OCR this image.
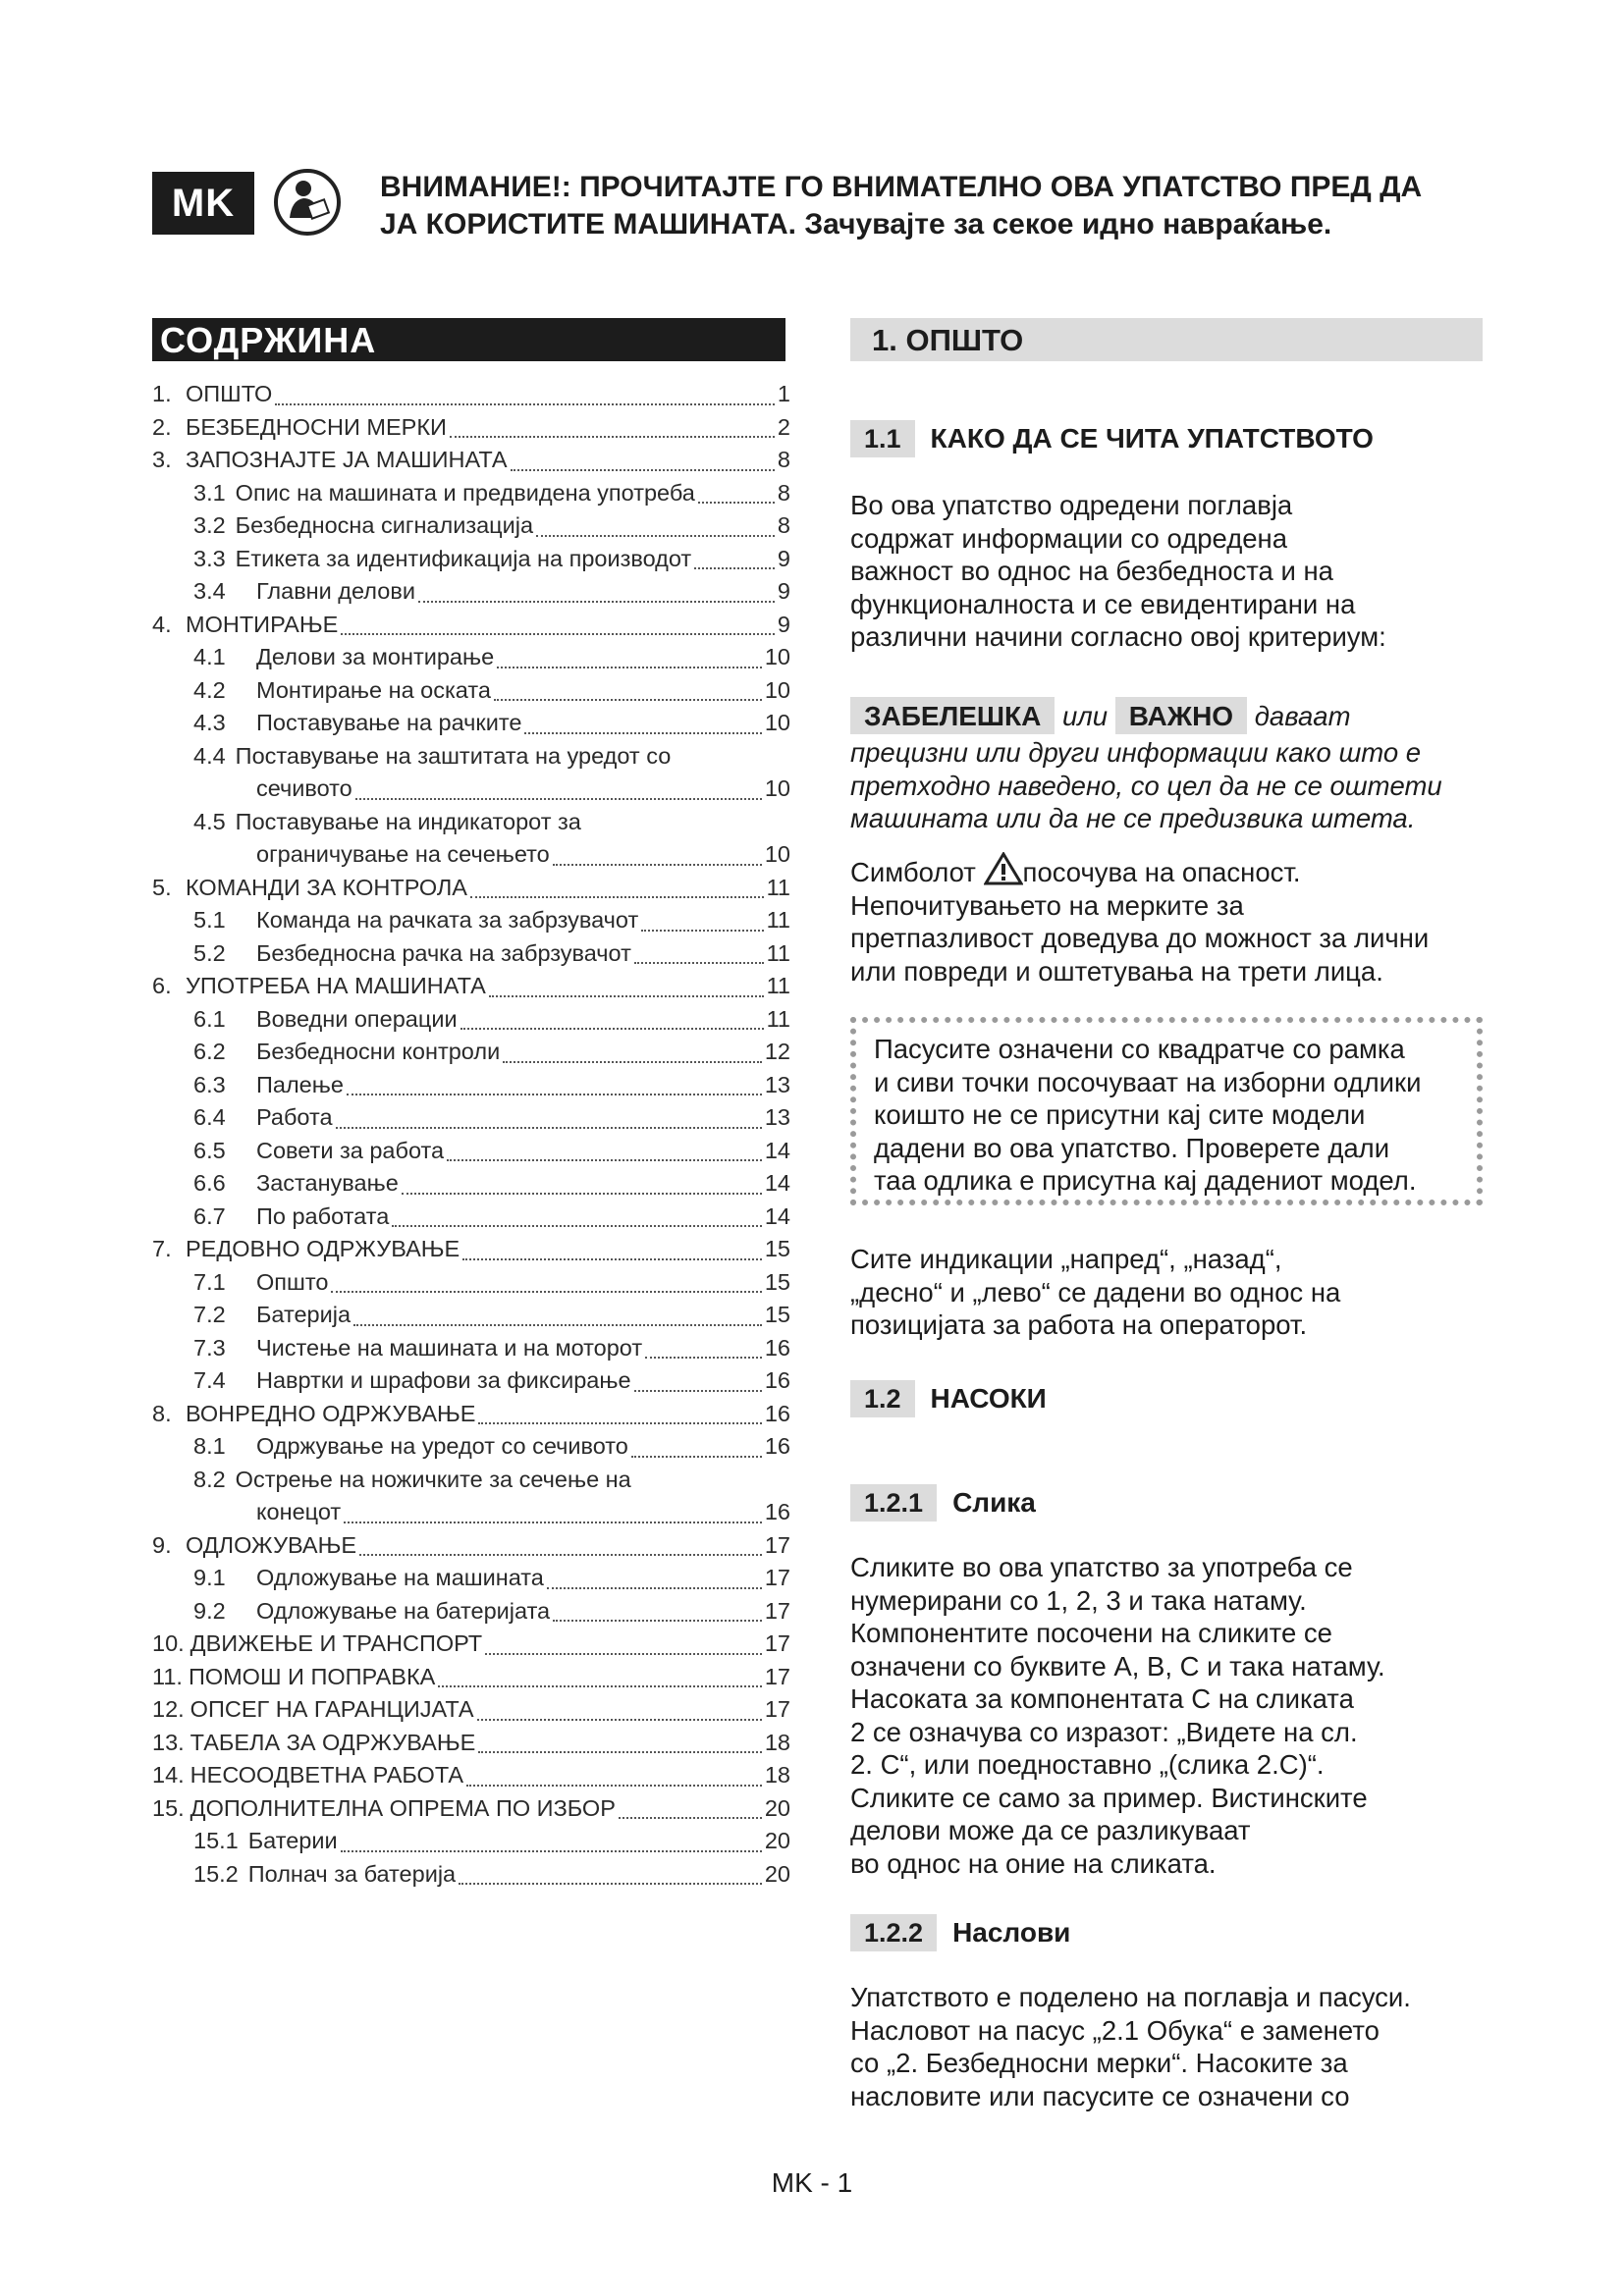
MK	ВНИМАНИЕ!: ПРОЧИТАЈТЕ ГО ВНИМАТЕЛНО ОВА УПАТСТВО ПРЕД ДА
ЈА КОРИСТИТЕ МАШИНАТА. Зачувајте за секое идно навраќање.
СОДРЖИНА
1. ОПШТО	1
2. БЕЗБЕДНОСНИ МЕРКИ	2
3. ЗАПОЗНАЈТЕ ЈА МАШИНАТА	8
3.1 Опис на машината и предвидена употреба	8
3.2 Безбедносна сигнализација	8
3.3 Етикета за идентификација на производот	9
3.4	Главни делови	9
4. МОНТИРАЊЕ	9
4.1	Делови за монтирање	10
4.2	Монтирање на оската	10
4.3	Поставување на рачките	10
4.4 Поставување на заштитата на уредот со
сечивото	10
4.5 Поставување на индикаторот за
ограничување на сечењето	10
5. КОМАНДИ ЗА КОНТРОЛА	11
5.1	Команда на рачката за забрзувачот	11
5.2	Безбедносна рачка на забрзувачот	11
6. УПОТРЕБА НА МАШИНАТА	11
6.1	Воведни операции	11
6.2	Безбедносни контроли	12
6.3	Палење	13
6.4	Работа	13
6.5	Совети за работа	14
6.6	Застанување	14
6.7	По работата	14
7. РЕДОВНО ОДРЖУВАЊЕ	15
7.1	Општо	15
7.2	Батерија	15
7.3	Чистење на машината и на моторот	16
7.4	Навртки и шрафови за фиксирање	16
8. ВОНРЕДНО ОДРЖУВАЊЕ	16
8.1	Одржување на уредот со сечивото	16
8.2 Острење на ножичките за сечење на
конецот	16
9. ОДЛОЖУВАЊЕ	17
9.1	Одложување на машината	17
9.2	Одложување на батеријата	17
10. ДВИЖЕЊЕ И ТРАНСПОРТ	17
11. ПОМОШ И ПОПРАВКА	17
12. ОПСЕГ НА ГАРАНЦИЈАТА	17
13. ТАБЕЛА ЗА ОДРЖУВАЊЕ	18
14. НЕСООДВЕТНА РАБОТА	18
15. ДОПОЛНИТЕЛНА ОПРЕМА ПО ИЗБОР	20
15.1 Батерии	20
15.2 Полнач за батерија	20
1. ОПШТО
1.1	КАКО ДА СЕ ЧИТА УПАТСТВОТО
Во ова упатство одредени поглавја
содржат информации со одредена
важност во однос на безбедноста и на
функционалноста и се евидентирани на
различни начини согласно овој критериум:
ЗАБЕЛЕШКА или ВАЖНО даваат
прецизни или други информации како што е
претходно наведено, со цел да не се оштети
машината или да не се предизвика штета.
Симболот посочува на опасност.
Непочитувањето на мерките за
претпазливост доведува до можност за лични
или повреди и оштетувања на трети лица.
Пасусите означени со квадратче со рамка
и сиви точки посочуваат на изборни одлики
коишто не се присутни кај сите модели
дадени во ова упатство. Проверете дали
таа одлика е присутна кај дадениот модел.
Сите индикации „напред“, „назад“,
„десно“ и „лево“ се дадени во однос на
позицијата за работа на операторот.
1.2	НАСОКИ
1.2.1	Слика
Сликите во ова упатство за употреба се
нумерирани со 1, 2, 3 и така натаму.
Компонентите посочени на сликите се
означени со буквите A, B, C и така натаму.
Насоката за компонентата C на сликата
2 се означува со изразот: „Видете на сл.
2. C“, или поедноставно „(слика 2.C)“.
Сликите се само за пример. Вистинските
делови може да се разликуваат
во однос на оние на сликата.
1.2.2	Наслови
Упатството е поделено на поглавја и пасуси.
Насловот на пасус „2.1 Обука“ е заменето
со „2. Безбедносни мерки“. Насоките за
насловите или пасусите се означени со
MK - 1
